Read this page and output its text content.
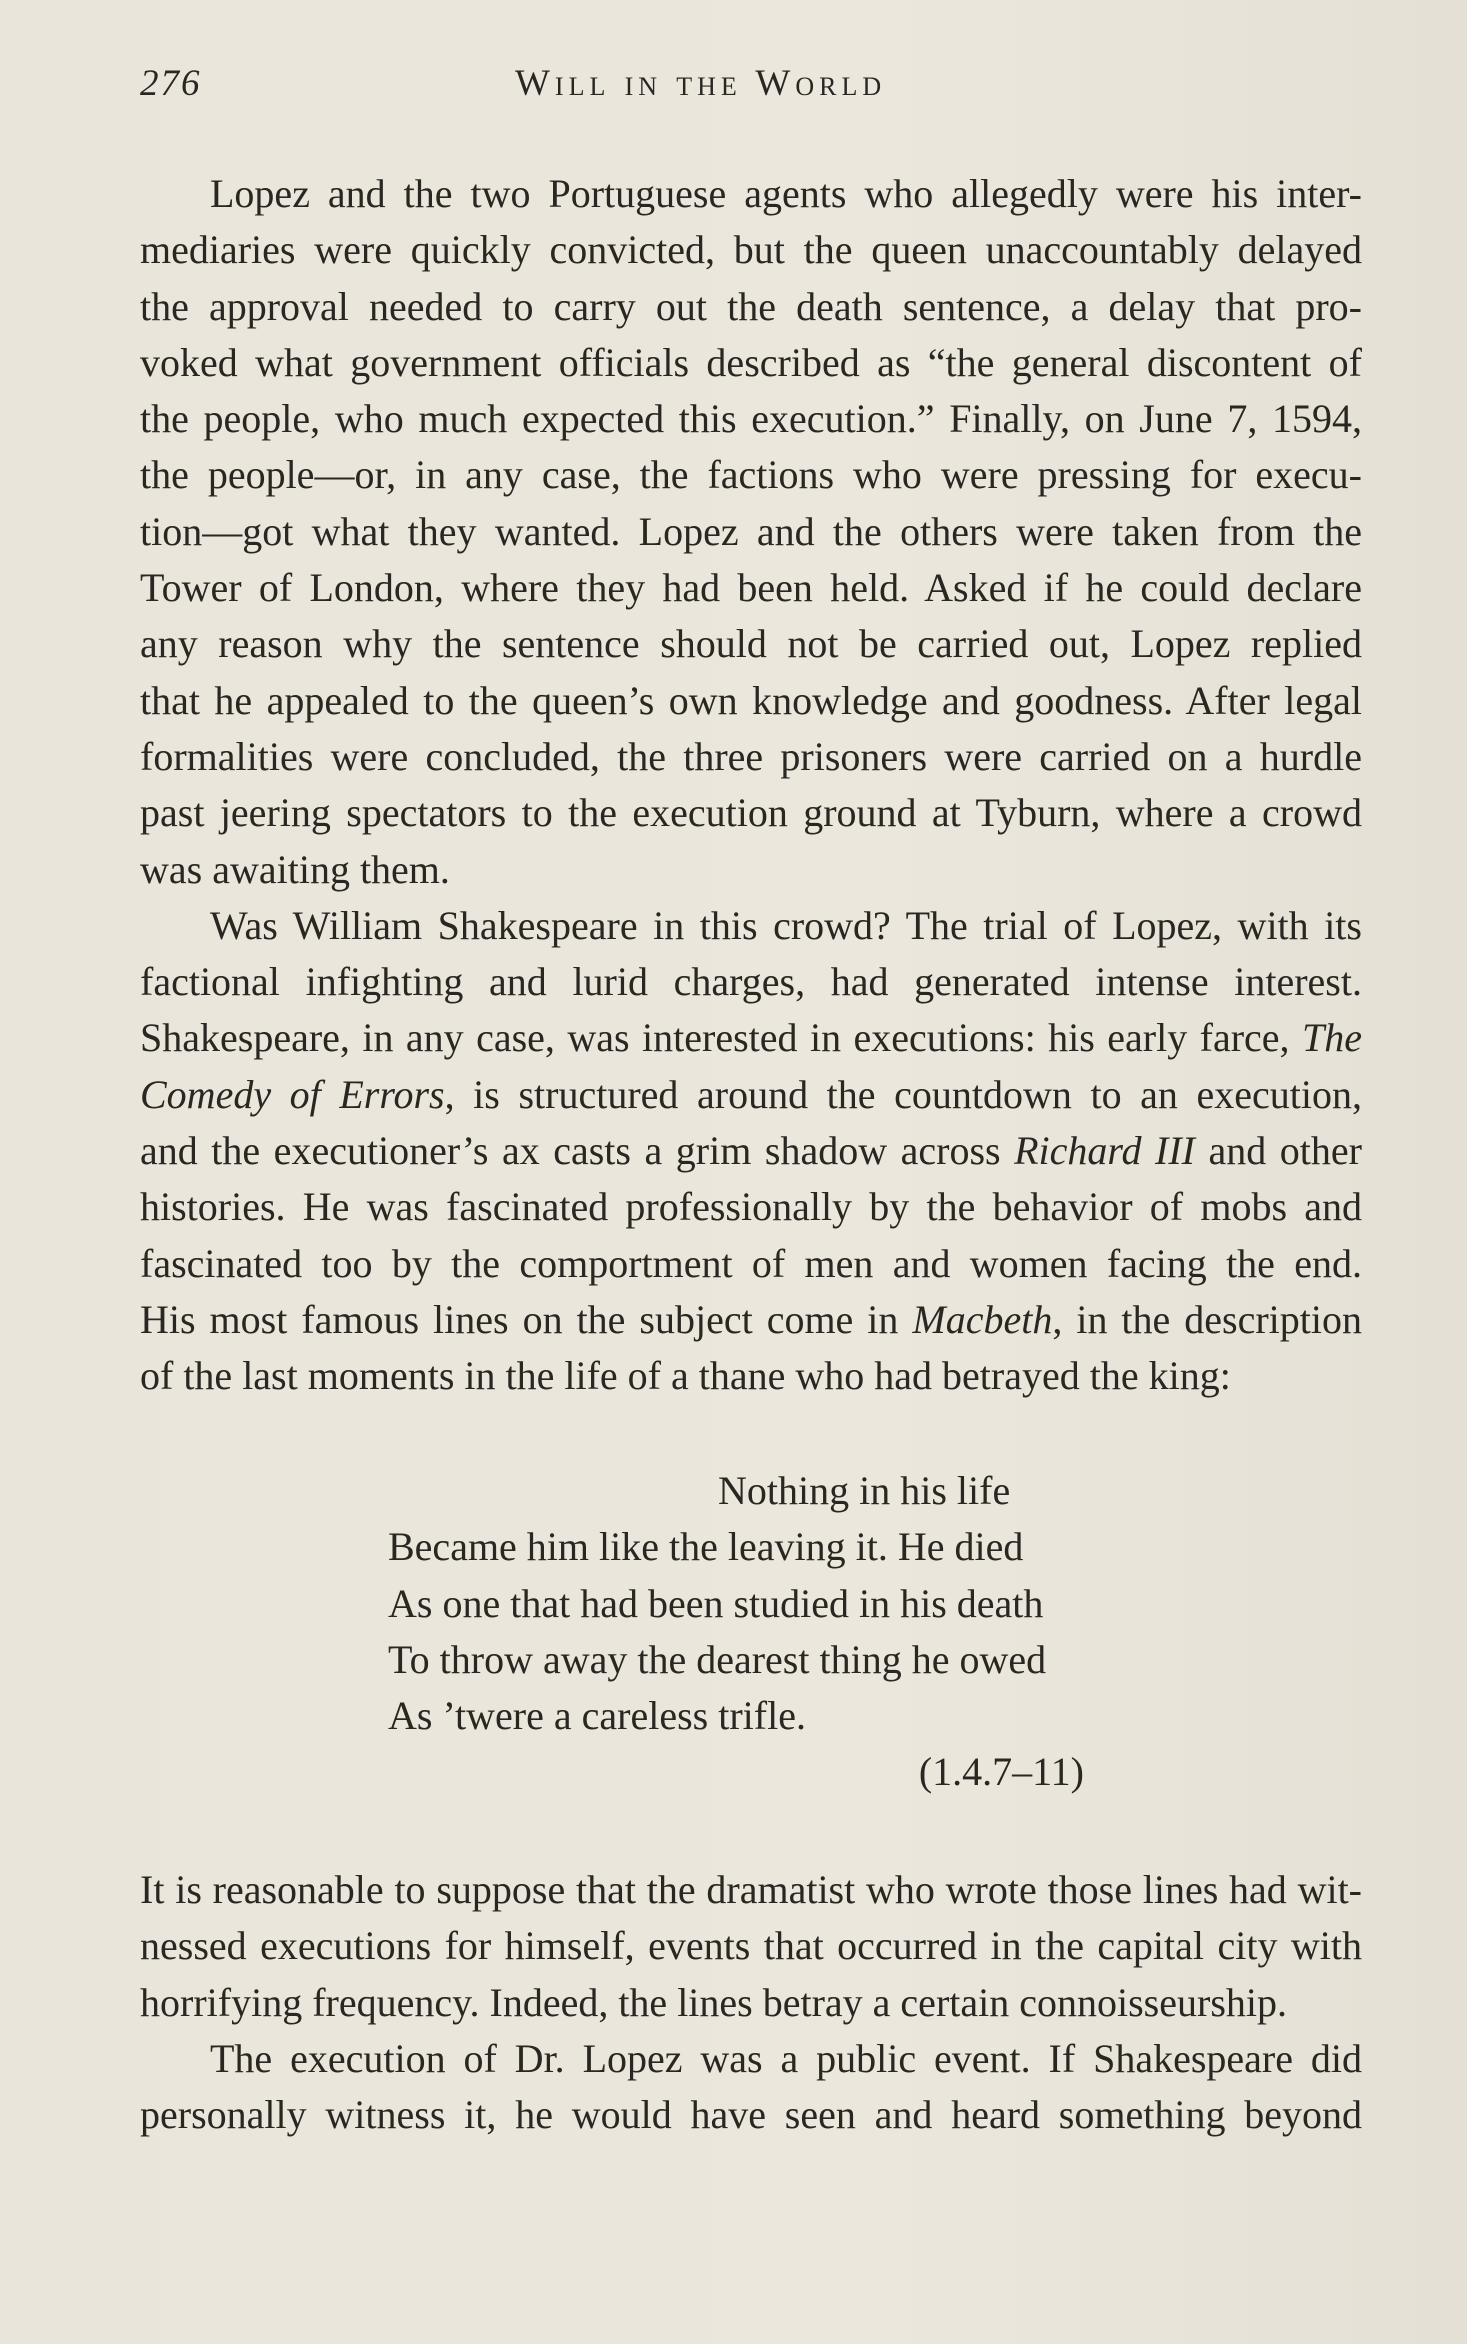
276	Will in the World
Lopez and the two Portuguese agents who allegedly were his inter-
mediaries were quickly convicted, but the queen unaccountably delayed
the approval needed to carry out the death sentence, a delay that pro-
voked what government officials described as “the general discontent of
the people, who much expected this execution.” Finally, on June 7, 1594,
the people—or, in any case, the factions who were pressing for execu-
tion—got what they wanted. Lopez and the others were taken from the
Tower of London, where they had been held. Asked if he could declare
any reason why the sentence should not be carried out, Lopez replied
that he appealed to the queen’s own knowledge and goodness. After legal
formalities were concluded, the three prisoners were carried on a hurdle
past jeering spectators to the execution ground at Tyburn, where a crowd
was awaiting them.
Was William Shakespeare in this crowd? The trial of Lopez, with its
factional infighting and lurid charges, had generated intense interest.
Shakespeare, in any case, was interested in executions: his early farce, The
Comedy of Errors, is structured around the countdown to an execution,
and the executioner’s ax casts a grim shadow across Richard III and other
histories. He was fascinated professionally by the behavior of mobs and
fascinated too by the comportment of men and women facing the end.
His most famous lines on the subject come in Macbeth, in the description
of the last moments in the life of a thane who had betrayed the king:
Nothing in his life
Became him like the leaving it. He died
As one that had been studied in his death
To throw away the dearest thing he owed
As ’twere a careless trifle.
(1.4.7–11)
It is reasonable to suppose that the dramatist who wrote those lines had wit-
nessed executions for himself, events that occurred in the capital city with
horrifying frequency. Indeed, the lines betray a certain connoisseurship.
The execution of Dr. Lopez was a public event. If Shakespeare did
personally witness it, he would have seen and heard something beyond
